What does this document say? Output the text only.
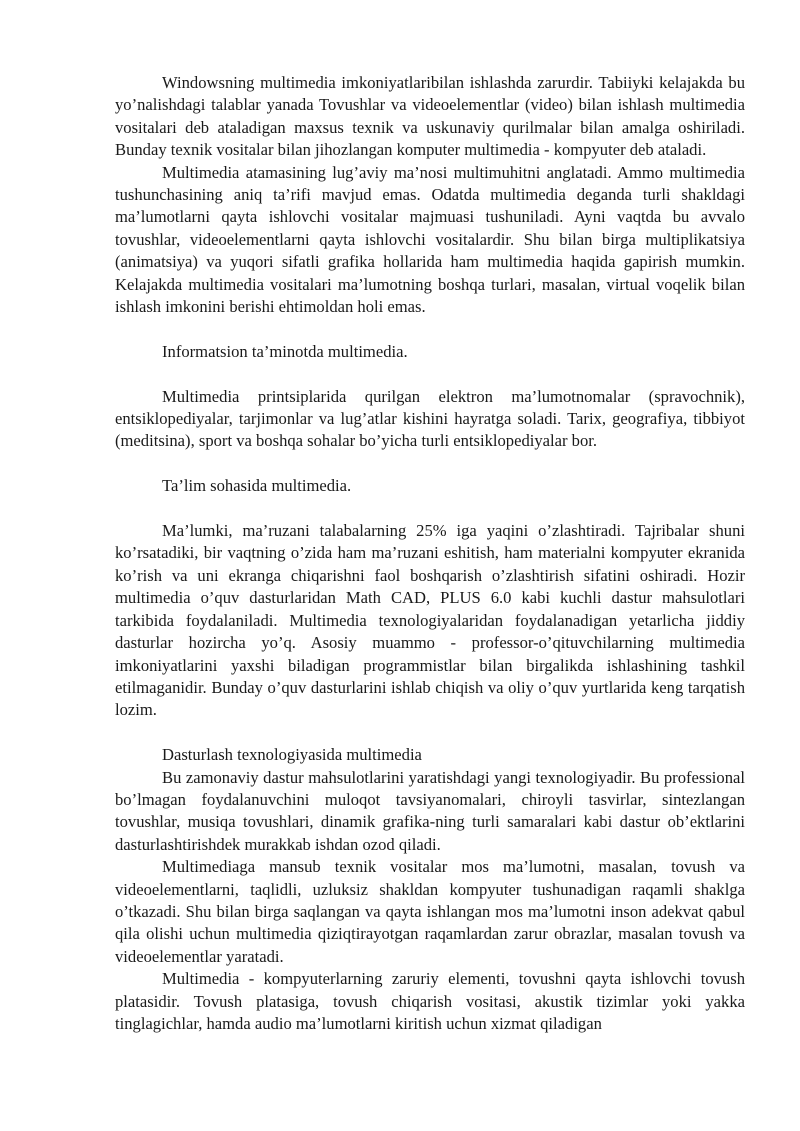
Windowsning multimedia imkoniyatlaribilan ishlashda zarurdir. Tabiiyki kelajakda bu yo’nalishdagi talablar yanada Tovushlar va videoelementlar (video) bilan ishlash multimedia vositalari deb ataladigan maxsus texnik va uskunaviy qurilmalar bilan amalga oshiriladi. Bunday texnik vositalar bilan jihozlangan komputer multimedia - kompyuter deb ataladi.

Multimedia atamasining lug’aviy ma’nosi multimuhitni anglatadi. Ammo multimedia tushunchasining aniq ta’rifi mavjud emas. Odatda multimedia deganda turli shakldagi ma’lumotlarni qayta ishlovchi vositalar majmuasi tushuniladi. Ayni vaqtda bu avvalo tovushlar, videoelementlarni qayta ishlovchi vositalardir. Shu bilan birga multiplikatsiya (animatsiya) va yuqori sifatli grafika hollarida ham multimedia haqida gapirish mumkin. Kelajakda multimedia vositalari ma’lumotning boshqa turlari, masalan, virtual voqelik bilan ishlash imkonini berishi ehtimoldan holi emas.

Informatsion ta’minotda multimedia.

Multimedia printsiplarida qurilgan elektron ma’lumotnomalar (spravochnik), entsiklopediyalar, tarjimonlar va lug’atlar kishini hayratga soladi. Tarix, geografiya, tibbiyot (meditsina), sport va boshqa sohalar bo’yicha turli entsiklopediyalar bor.

Ta’lim sohasida multimedia.

Ma’lumki, ma’ruzani talabalarning 25% iga yaqini o’zlashtiradi. Tajribalar shuni ko’rsatadiki, bir vaqtning o’zida ham ma’ruzani eshitish, ham materialni kompyuter ekranida ko’rish va uni ekranga chiqarishni faol boshqarish o’zlashtirish sifatini oshiradi. Hozir multimedia o’quv dasturlaridan Math CAD, PLUS 6.0 kabi kuchli dastur mahsulotlari tarkibida foydalaniladi. Multimedia texnologiyalaridan foydalanadigan yetarlicha jiddiy dasturlar hozircha yo’q. Asosiy muammo - professor-o’qituvchilarning multimedia imkoniyatlarini yaxshi biladigan programmistlar bilan birgalikda ishlashining tashkil etilmaganidir. Bunday o’quv dasturlarini ishlab chiqish va oliy o’quv yurtlarida keng tarqatish lozim.

Dasturlash texnologiyasida multimedia

Bu zamonaviy dastur mahsulotlarini yaratishdagi yangi texnologiyadir. Bu professional bo’lmagan foydalanuvchini muloqot tavsiyanomalari, chiroyli tasvirlar, sintezlangan tovushlar, musiqa tovushlari, dinamik grafika-ning turli samaralari kabi dastur ob’ektlarini dasturlashtirishdek murakkab ishdan ozod qiladi.

Multimediaga mansub texnik vositalar mos ma’lumotni, masalan, tovush va videoelementlarni, taqlidli, uzluksiz shakldan kompyuter tushunadigan raqamli shaklga o’tkazadi. Shu bilan birga saqlangan va qayta ishlangan mos ma’lumotni inson adekvat qabul qila olishi uchun multimedia qiziqtirayotgan raqamlardan zarur obrazlar, masalan tovush va videoelementlar yaratadi.

Multimedia - kompyuterlarning zaruriy elementi, tovushni qayta ishlovchi tovush platasidir. Tovush platasiga, tovush chiqarish vositasi, akustik tizimlar yoki yakka tinglagichlar, hamda audio ma’lumotlarni kiritish uchun xizmat qiladigan
